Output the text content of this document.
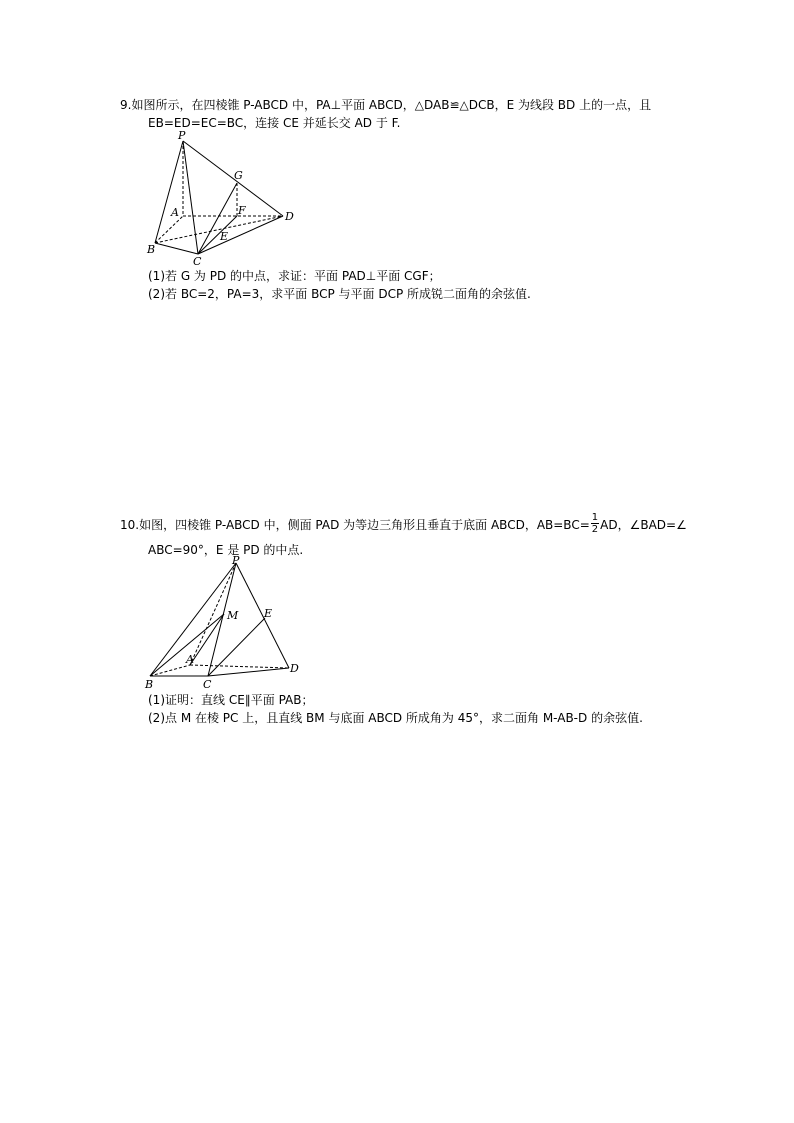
9.如图所示，在四棱锥 P-ABCD 中，PA⊥平面 ABCD，△DAB≌△DCB，E 为线段 BD 上的一点，且
EB=ED=EC=BC，连接 CE 并延长交 AD 于 F.
P
G
A	F	D
E
B
C
(1)若 G 为 PD 的中点，求证：平面 PAD⊥平面 CGF；
(2)若 BC=2，PA=3，求平面 BCP 与平面 DCP 所成锐二面角的余弦值.
10.如图，四棱锥 P-ABCD 中，侧面 PAD 为等边三角形且垂直于底面 ABCD，$AB=BC= \frac{1}{2}$ AD，∠BAD=∠
ABC=90°，E 是 PD 的中点.
P
M E
A
B	C
D
(1)证明：直线 CE∥平面 PAB；
(2)点 M 在棱 PC 上，且直线 BM 与底面 ABCD 所成角为 45°，求二面角 M-AB-D 的余弦值.
